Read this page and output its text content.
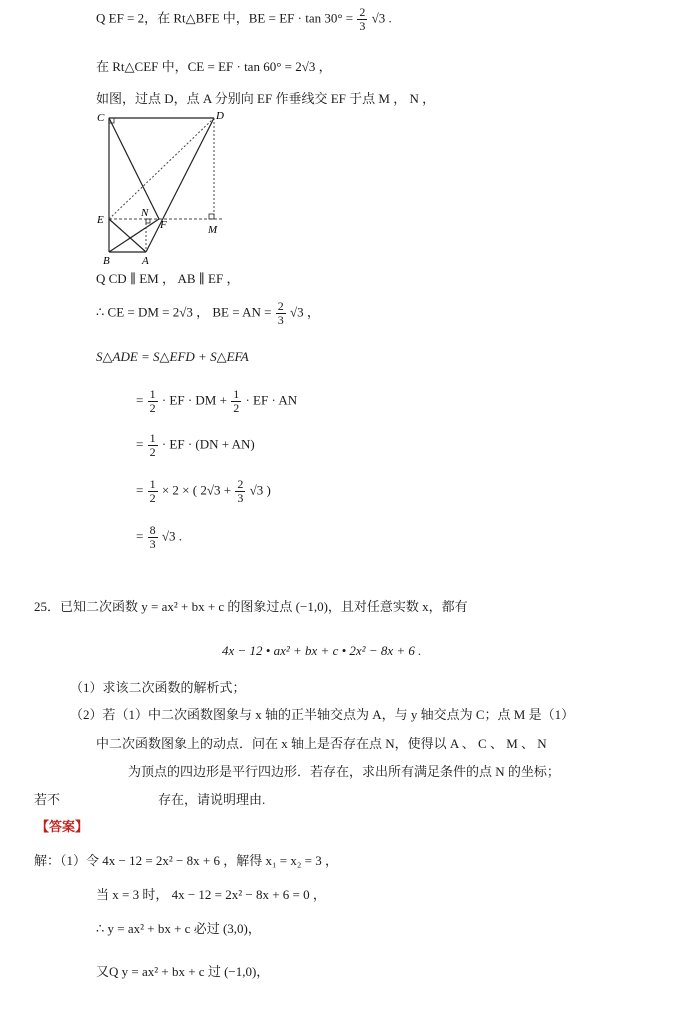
Q EF = 2，在 Rt△BFE 中，BE = EF · $\tan 30^\circ = \frac{2}{3} √3$ .
在 Rt△CEF 中，CE = EF · tan 60° = 2√3 ，
如图，过点 D，点 A 分别向 EF 作垂线交 EF 于点 M ， N ，
C	D
E
N
F	M
B	A
Q CD ∥ EM ， AB ∥ EF ，
∴ CE = DM = 2√3 ， BE = AN = $\frac{2}{3} √3$ ，
S△ADE = S△EFD + S△EFA
= $\frac{1}{2}$ · EF · DM + $\frac{1}{2}$ · EF · AN
= $\frac{1}{2}$ · EF · (DN + AN)
= $\frac{1}{2} \times 2$ × ( $2√3 + \frac{2}{3} √3$ )
= $\frac{8}{3} √3$ .
25．已知二次函数 y = ax² + bx + c 的图象过点 (−1,0)，且对任意实数 x，都有
4x − 12 • ax² + bx + c • 2x² − 8x + 6 .
（1）求该二次函数的解析式；
（2）若（1）中二次函数图象与 x 轴的正半轴交点为 A，与 y 轴交点为 C；点 M 是（1）
中二次函数图象上的动点．问在 x 轴上是否存在点 N，使得以 A 、 C 、 M 、 N
为顶点的四边形是平行四边形．若存在，求出所有满足条件的点 N 的坐标；
若不	存在，请说明理由.
【答案】
解：（1）令 4x − 12 = 2x² − 8x + 6 ，解得 x₁ = x₂ = 3 ，
当 x = 3 时， 4x − 12 = 2x² − 8x + 6 = 0 ，
∴ y = ax² + bx + c 必过 (3,0)，
又Q y = ax² + bx + c 过 (−1,0)，
